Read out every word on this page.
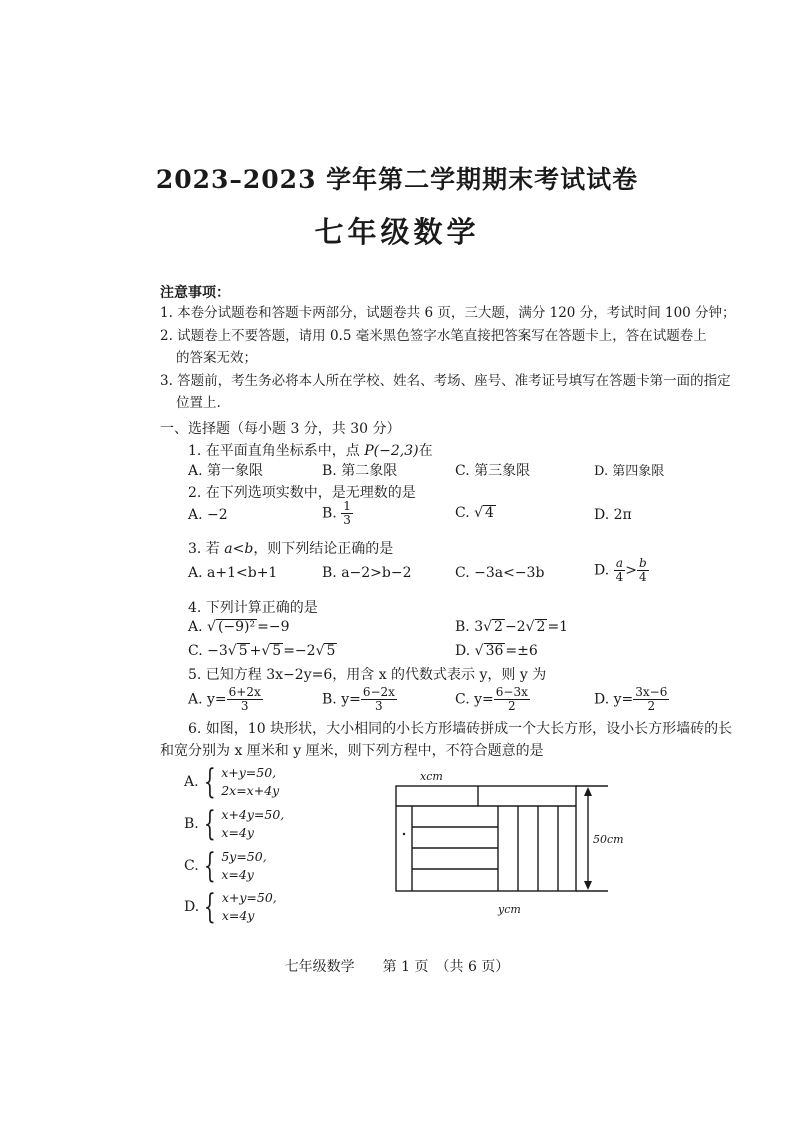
2023–2023 学年第二学期期末考试试卷
七年级数学
注意事项：
1. 本卷分试题卷和答题卡两部分，试题卷共 6 页，三大题，满分 120 分，考试时间 100 分钟；
2. 试题卷上不要答题，请用 0.5 毫米黑色签字水笔直接把答案写在答题卡上，答在试题卷上
的答案无效；
3. 答题前，考生务必将本人所在学校、姓名、考场、座号、准考证号填写在答题卡第一面的指定
位置上.
一、选择题（每小题 3 分，共 30 分）
1. 在平面直角坐标系中，点 P(−2,3)在
A. 第一象限	B. 第二象限	C. 第三象限	D. 第四象限
2. 在下列选项实数中，是无理数的是
A. −2	B. $\frac{1}{3}$	C. √ 4	D. 2π
3. 若 a<b，则下列结论正确的是
A. a+1<b+1	B. a−2>b−2	C. −3a<−3b	D. $\frac{a}{4} > \frac{b}{4}$
4. 下列计算正确的是
A. √ (−9)² =−9	B. 3√ 2 −2√ 2 =1
C. −3√ 5 +√ 5 =−2√ 5	D. √ 36 =±6
5. 已知方程 3x−2y=6，用含 x 的代数式表示 y，则 y 为
A. $y= \frac{6+2x}{3}$	B. $y= \frac{6-2x}{3}$	C. $y= \frac{6-3x}{2}$	D. $y= \frac{3x-6}{2}$
6. 如图，10 块形状，大小相同的小长方形墙砖拼成一个大长方形，设小长方形墙砖的长
和宽分别为 x 厘米和 y 厘米，则下列方程中，不符合题意的是
A. { x+y=50,
2x=x+4y
B. { x+4y=50,
x=4y
C. { 5y=50,
x=4y
D. { x+y=50,
x=4y
xcm
50cm
ycm
七年级数学　　第 1 页　（共 6 页）
